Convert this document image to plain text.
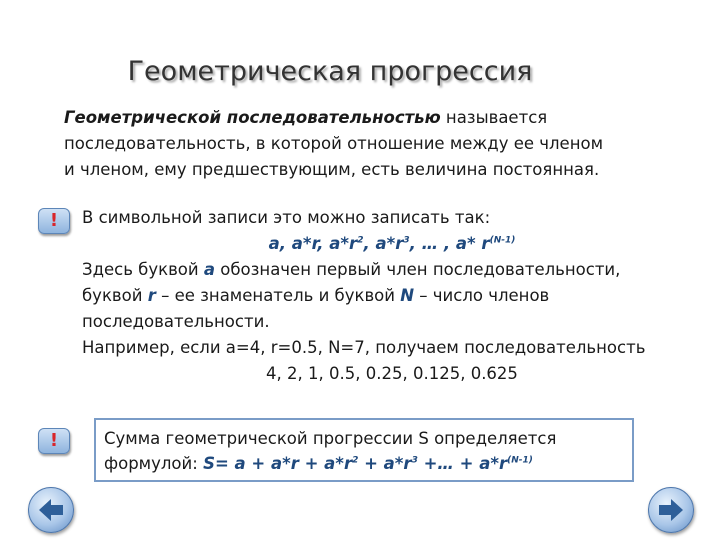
Геометрическая прогрессия
Геометрической последовательностью называется
последовательность, в которой отношение между ее членом
и членом, ему предшествующим, есть величина постоянная.
! В символьной записи это можно записать так:
a, a*r, $a*r^2$, $a*r^3$, … , a* $r^{(N-1)}$
Здесь буквой a обозначен первый член последовательности,
буквой r – ее знаменатель и буквой N – число членов
последовательности.
Например, если a=4, r=0.5, N=7, получаем последовательность
4, 2, 1, 0.5, 0.25, 0.125, 0.625
!	Сумма геометрической прогрессии S определяется
формулой: $S= a + a*r + a*r^2 + a*r^3$ +… + $a*r^{(N-1)}$
